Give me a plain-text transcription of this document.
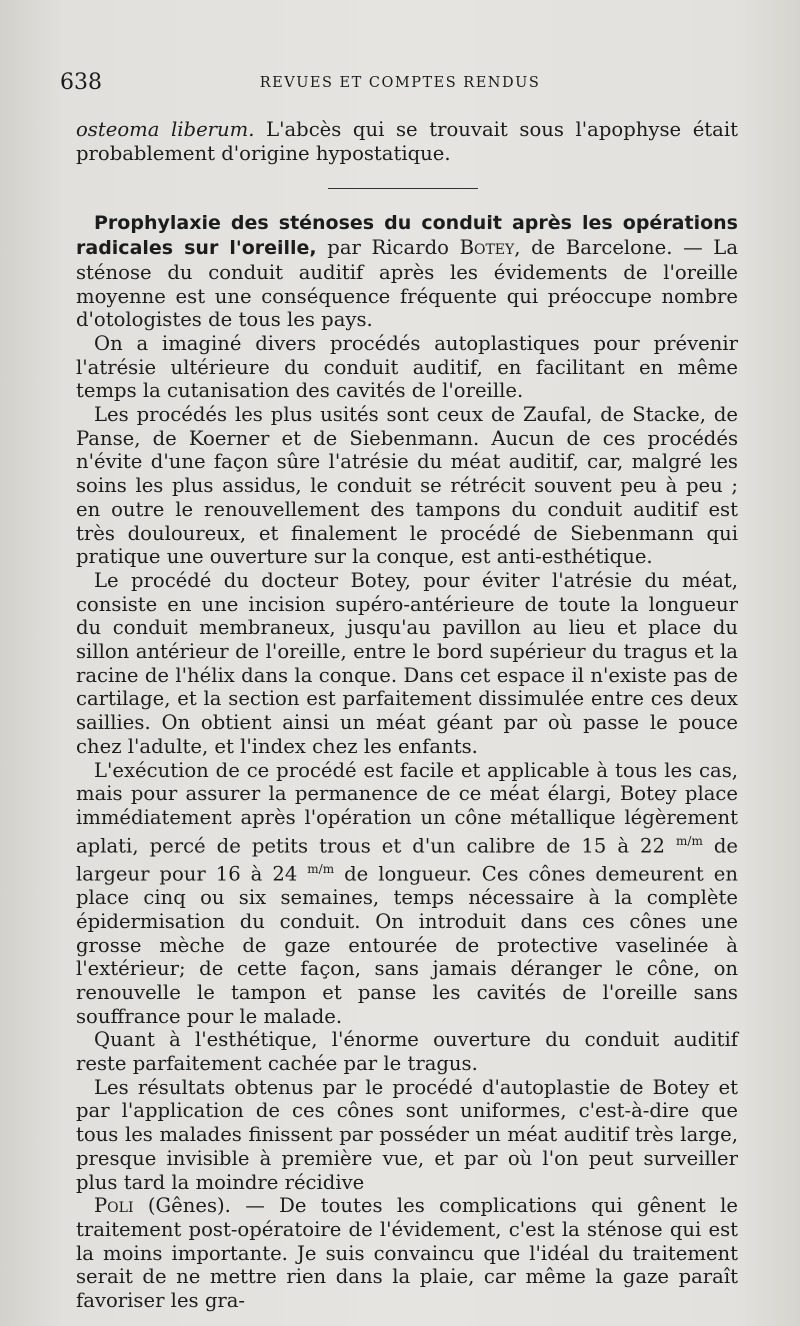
638	REVUES ET COMPTES RENDUS

osteoma liberum. L'abcès qui se trouvait sous l'apophyse était probablement d'origine hypostatique.

Prophylaxie des sténoses du conduit après les opérations radicales sur l'oreille, par Ricardo Botey, de Barcelone. — La sténose du conduit auditif après les évidements de l'oreille moyenne est une conséquence fréquente qui préoccupe nombre d'otologistes de tous les pays.

On a imaginé divers procédés autoplastiques pour prévenir l'atrésie ultérieure du conduit auditif, en facilitant en même temps la cutanisation des cavités de l'oreille.

Les procédés les plus usités sont ceux de Zaufal, de Stacke, de Panse, de Koerner et de Siebenmann. Aucun de ces procédés n'évite d'une façon sûre l'atrésie du méat auditif, car, malgré les soins les plus assidus, le conduit se rétrécit souvent peu à peu ; en outre le renouvellement des tampons du conduit auditif est très douloureux, et finalement le procédé de Siebenmann qui pratique une ouverture sur la conque, est anti-esthétique.

Le procédé du docteur Botey, pour éviter l'atrésie du méat, consiste en une incision supéro-antérieure de toute la longueur du conduit membraneux, jusqu'au pavillon au lieu et place du sillon antérieur de l'oreille, entre le bord supérieur du tragus et la racine de l'hélix dans la conque. Dans cet espace il n'existe pas de cartilage, et la section est parfaitement dissimulée entre ces deux saillies. On obtient ainsi un méat géant par où passe le pouce chez l'adulte, et l'index chez les enfants.

L'exécution de ce procédé est facile et applicable à tous les cas, mais pour assurer la permanence de ce méat élargi, Botey place immédiatement après l'opération un cône métallique légèrement aplati, percé de petits trous et d'un calibre de 15 à 22 $^{m/m}$ de largeur pour 16 à 24 $^{m/m}$ de longueur. Ces cônes demeurent en place cinq ou six semaines, temps nécessaire à la complète épidermisation du conduit. On introduit dans ces cônes une grosse mèche de gaze entourée de protective vaselinée à l'extérieur; de cette façon, sans jamais déranger le cône, on renouvelle le tampon et panse les cavités de l'oreille sans souffrance pour le malade.

Quant à l'esthétique, l'énorme ouverture du conduit auditif reste parfaitement cachée par le tragus.

Les résultats obtenus par le procédé d'autoplastie de Botey et par l'application de ces cônes sont uniformes, c'est-à-dire que tous les malades finissent par posséder un méat auditif très large, presque invisible à première vue, et par où l'on peut surveiller plus tard la moindre récidive

Poli (Gênes). — De toutes les complications qui gênent le traitement post-opératoire de l'évidement, c'est la sténose qui est la moins importante. Je suis convaincu que l'idéal du traitement serait de ne mettre rien dans la plaie, car même la gaze paraît favoriser les gra-
